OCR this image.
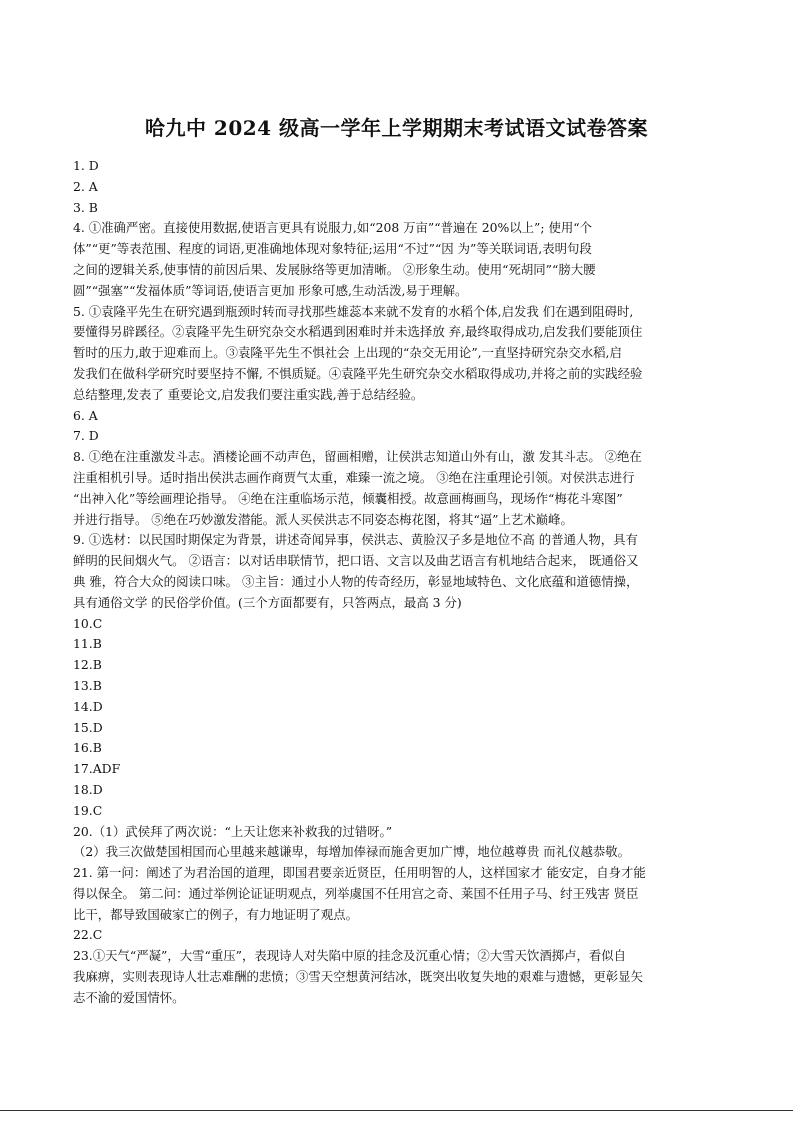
哈九中 2024 级高一学年上学期期末考试语文试卷答案
1. D
2. A
3. B
4. ①准确严密。直接使用数据,使语言更具有说服力,如“208 万亩”“普遍在 20%以上”; 使用“个
体”“更”等表范围、程度的词语,更准确地体现对象特征;运用“不过”“因 为”等关联词语,表明句段
之间的逻辑关系,使事情的前因后果、发展脉络等更加清晰。 ②形象生动。使用“死胡同”“膀大腰
圆”“强塞”“发福体质”等词语,使语言更加 形象可感,生动活泼,易于理解。
5. ①袁隆平先生在研究遇到瓶颈时转而寻找那些雄蕊本来就不发育的水稻个体,启发我 们在遇到阻碍时,
要懂得另辟蹊径。②袁隆平先生研究杂交水稻遇到困难时并未选择放 弃,最终取得成功,启发我们要能顶住
暂时的压力,敢于迎难而上。③袁隆平先生不惧社会 上出现的“杂交无用论”,一直坚持研究杂交水稻,启
发我们在做科学研究时要坚持不懈, 不惧质疑。④袁隆平先生研究杂交水稻取得成功,并将之前的实践经验
总结整理,发表了 重要论文,启发我们要注重实践,善于总结经验。
6. A
7. D
8. ①绝在注重激发斗志。酒楼论画不动声色，留画相赠，让侯洪志知道山外有山，激 发其斗志。 ②绝在
注重相机引导。适时指出侯洪志画作商贾气太重，难臻一流之境。 ③绝在注重理论引领。对侯洪志进行
“出神入化”等绘画理论指导。 ④绝在注重临场示范，倾囊相授。故意画梅画鸟，现场作“梅花斗寒图”
并进行指导。 ⑤绝在巧妙激发潜能。派人买侯洪志不同姿态梅花图，将其“逼”上艺术巅峰。
9. ①选材：以民国时期保定为背景，讲述奇闻异事，侯洪志、黄脸汉子多是地位不高 的普通人物，具有
鲜明的民间烟火气。 ②语言：以对话串联情节，把口语、文言以及曲艺语言有机地结合起来， 既通俗又
典 雅，符合大众的阅读口味。 ③主旨：通过小人物的传奇经历，彰显地域特色、文化底蕴和道德情操，
具有通俗文学 的民俗学价值。(三个方面都要有，只答两点，最高 3 分)
10.C
11.B
12.B
13.B
14.D
15.D
16.B
17.ADF
18.D
19.C
20.（1）武侯拜了两次说：“上天让您来补救我的过错呀。”
（2）我三次做楚国相国而心里越来越谦卑，每增加俸禄而施舍更加广博，地位越尊贵 而礼仪越恭敬。
21. 第一问：阐述了为君治国的道理，即国君要亲近贤臣，任用明智的人，这样国家才 能安定，自身才能
得以保全。 第二问：通过举例论证证明观点，列举虞国不任用宫之奇、莱国不任用子马、纣王残害 贤臣
比干，都导致国破家亡的例子，有力地证明了观点。
22.C
23.①天气“严凝”，大雪“重压”，表现诗人对失陷中原的挂念及沉重心情；②大雪天饮酒掷卢，看似自
我麻痹，实则表现诗人壮志难酬的悲愤；③雪天空想黄河结冰，既突出收复失地的艰难与遗憾，更彰显矢
志不渝的爱国情怀。
